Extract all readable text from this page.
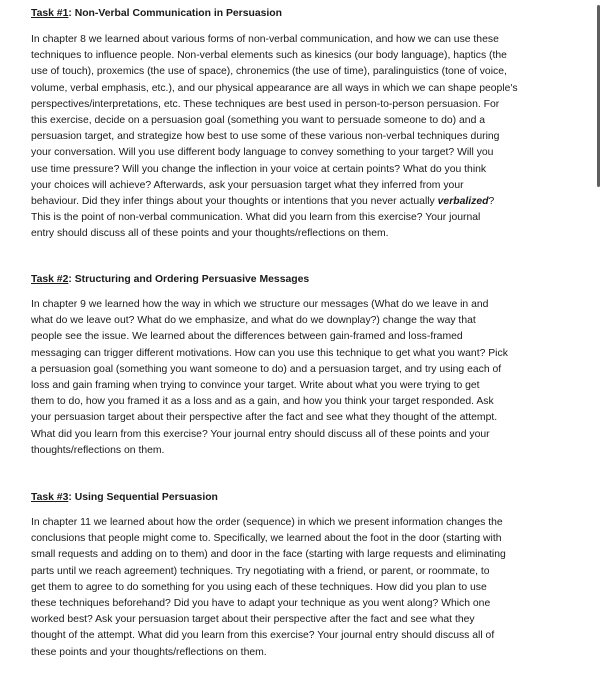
Task #1: Non-Verbal Communication in Persuasion
In chapter 8 we learned about various forms of non-verbal communication, and how we can use these
techniques to influence people. Non-verbal elements such as kinesics (our body language), haptics (the
use of touch), proxemics (the use of space), chronemics (the use of time), paralinguistics (tone of voice,
volume, verbal emphasis, etc.), and our physical appearance are all ways in which we can shape people's
perspectives/interpretations, etc. These techniques are best used in person-to-person persuasion. For
this exercise, decide on a persuasion goal (something you want to persuade someone to do) and a
persuasion target, and strategize how best to use some of these various non-verbal techniques during
your conversation. Will you use different body language to convey something to your target? Will you
use time pressure? Will you change the inflection in your voice at certain points? What do you think
your choices will achieve? Afterwards, ask your persuasion target what they inferred from your
behaviour. Did they infer things about your thoughts or intentions that you never actually verbalized?
This is the point of non-verbal communication. What did you learn from this exercise? Your journal
entry should discuss all of these points and your thoughts/reflections on them.
Task #2: Structuring and Ordering Persuasive Messages
In chapter 9 we learned how the way in which we structure our messages (What do we leave in and
what do we leave out? What do we emphasize, and what do we downplay?) change the way that
people see the issue. We learned about the differences between gain-framed and loss-framed
messaging can trigger different motivations. How can you use this technique to get what you want? Pick
a persuasion goal (something you want someone to do) and a persuasion target, and try using each of
loss and gain framing when trying to convince your target. Write about what you were trying to get
them to do, how you framed it as a loss and as a gain, and how you think your target responded. Ask
your persuasion target about their perspective after the fact and see what they thought of the attempt.
What did you learn from this exercise? Your journal entry should discuss all of these points and your
thoughts/reflections on them.
Task #3: Using Sequential Persuasion
In chapter 11 we learned about how the order (sequence) in which we present information changes the
conclusions that people might come to. Specifically, we learned about the foot in the door (starting with
small requests and adding on to them) and door in the face (starting with large requests and eliminating
parts until we reach agreement) techniques. Try negotiating with a friend, or parent, or roommate, to
get them to agree to do something for you using each of these techniques. How did you plan to use
these techniques beforehand? Did you have to adapt your technique as you went along? Which one
worked best? Ask your persuasion target about their perspective after the fact and see what they
thought of the attempt. What did you learn from this exercise? Your journal entry should discuss all of
these points and your thoughts/reflections on them.
